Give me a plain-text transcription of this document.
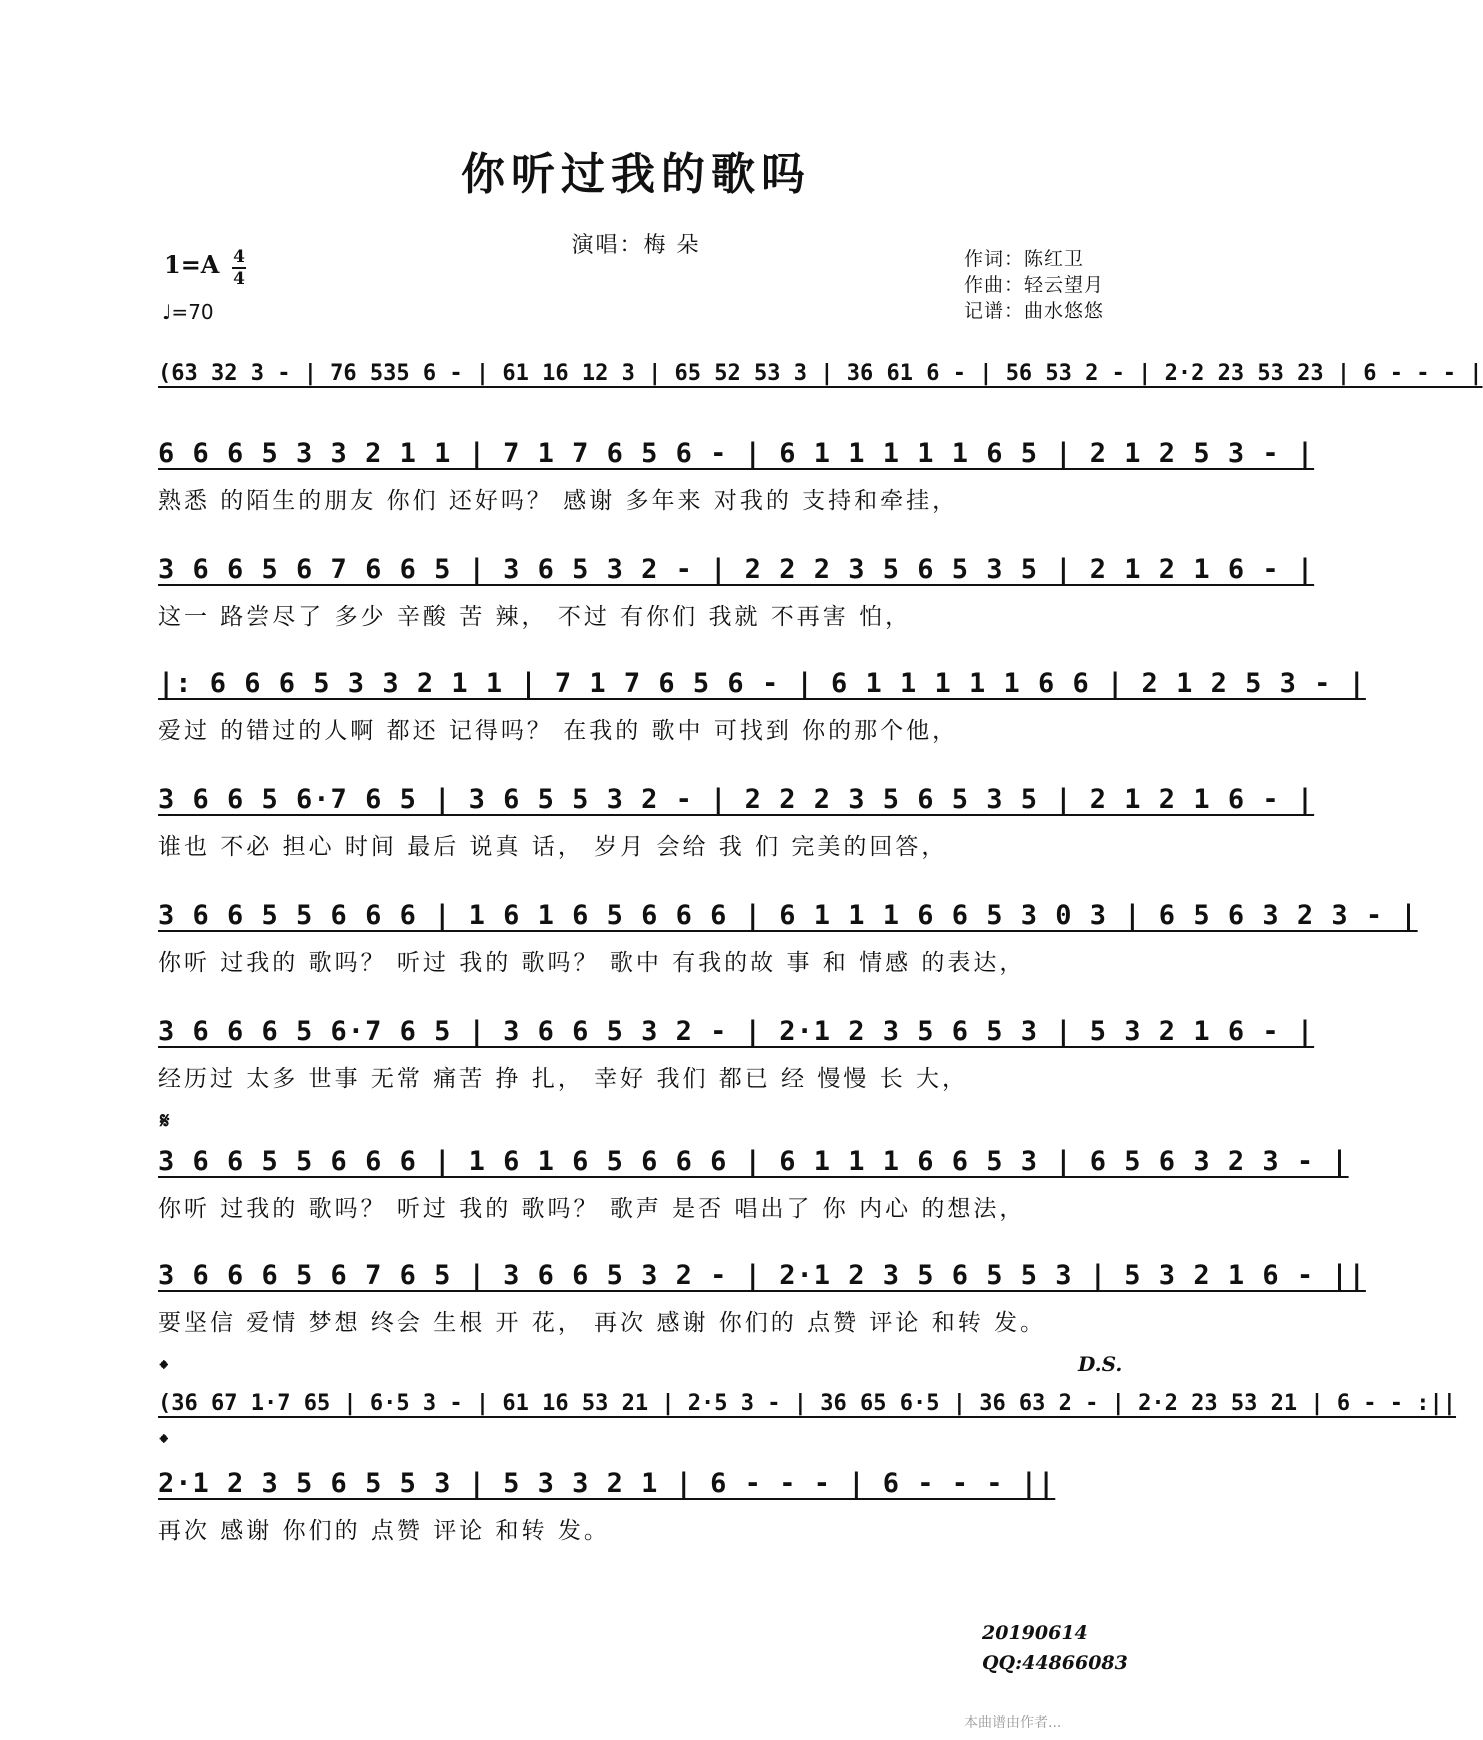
你听过我的歌吗
演唱：梅 朵
1=A 4
4
♩=70
作词：陈红卫
作曲：轻云望月
记谱：曲水悠悠
(63 32 3 - | 76 535 6 - | 61 16 12 3 | 65 52 53 3 | 36 61 6 - | 56 53 2 - | 2·2 23 53 23 | 6 - - - |
6 6 6 5 3 3 2 1 1 | 7 1 7 6 5 6 - | 6 1 1 1 1 1 6 5 | 2 1 2 5 3 - |
熟悉 的陌生的朋友 你们 还好吗？ 感谢 多年来 对我的 支持和牵挂，
3 6 6 5 6 7 6 6 5 | 3 6 5 3 2 - | 2 2 2 3 5 6 5 3 5 | 2 1 2 1 6 - |
这一 路尝尽了 多少 辛酸 苦 辣， 不过 有你们 我就 不再害 怕，
|: 6 6 6 5 3 3 2 1 1 | 7 1 7 6 5 6 - | 6 1 1 1 1 1 6 6 | 2 1 2 5 3 - |
爱过 的错过的人啊 都还 记得吗？ 在我的 歌中 可找到 你的那个他，
3 6 6 5 6·7 6 5 | 3 6 5 5 3 2 - | 2 2 2 3 5 6 5 3 5 | 2 1 2 1 6 - |
谁也 不必 担心 时间 最后 说真 话， 岁月 会给 我 们 完美的回答，
3 6 6 5 5 6 6 6 | 1 6 1 6 5 6 6 6 | 6 1 1 1 6 6 5 3 0 3 | 6 5 6 3 2 3 - |
你听 过我的 歌吗？ 听过 我的 歌吗？ 歌中 有我的故 事 和 情感 的表达，
3 6 6 6 5 6·7 6 5 | 3 6 6 5 3 2 - | 2·1 2 3 5 6 5 3 | 5 3 2 1 6 - |
经历过 太多 世事 无常 痛苦 挣 扎， 幸好 我们 都已 经 慢慢 长 大，
𝄋
3 6 6 5 5 6 6 6 | 1 6 1 6 5 6 6 6 | 6 1 1 1 6 6 5 3 | 6 5 6 3 2 3 - |
你听 过我的 歌吗？ 听过 我的 歌吗？ 歌声 是否 唱出了 你 内心 的想法，
3 6 6 6 5 6 7 6 5 | 3 6 6 5 3 2 - | 2·1 2 3 5 6 5 5 3 | 5 3 2 1 6 - ||
要坚信 爱情 梦想 终会 生根 开 花， 再次 感谢 你们的 点赞 评论 和转 发。
D.S.
𝄌
(36 67 1·7 65 | 6·5 3 - | 61 16 53 21 | 2·5 3 - | 36 65 6·5 | 36 63 2 - | 2·2 23 53 21 | 6 - - :||
𝄌
2·1 2 3 5 6 5 5 3 | 5 3 3 2 1 | 6 - - - | 6 - - - ||
再次 感谢 你们的 点赞 评论 和转 发。
20190614
QQ:44866083
本曲谱由作者...
